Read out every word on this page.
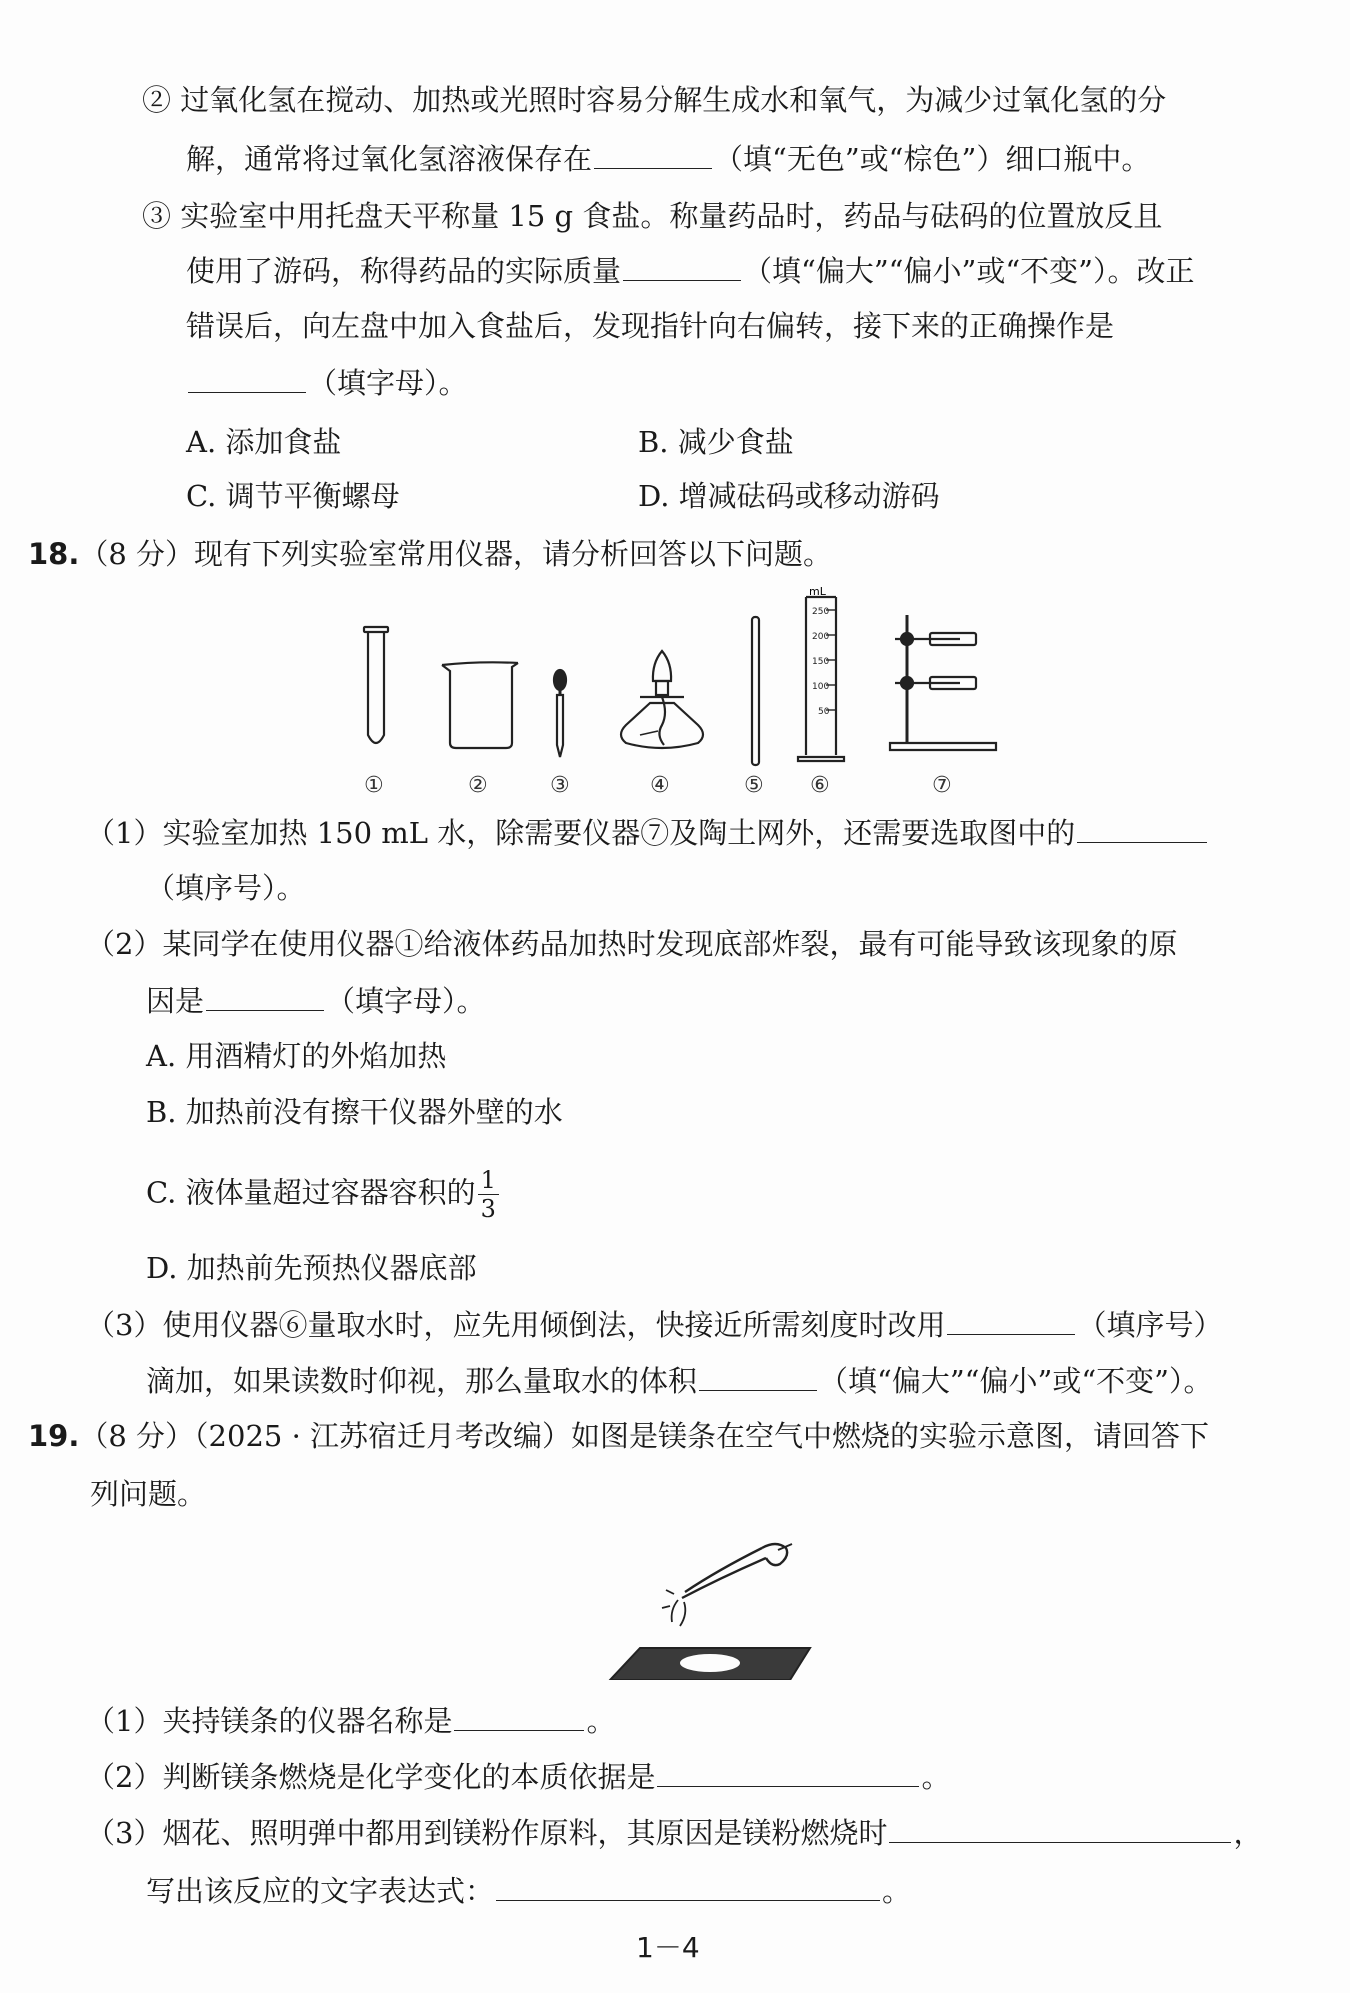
② 过氧化氢在搅动、加热或光照时容易分解生成水和氧气，为减少过氧化氢的分
解，通常将过氧化氢溶液保存在	（填“无色”或“棕色”）细口瓶中。
③ 实验室中用托盘天平称量 15 g 食盐。称量药品时，药品与砝码的位置放反且
使用了游码，称得药品的实际质量	（填“偏大”“偏小”或“不变”）。改正
错误后，向左盘中加入食盐后，发现指针向右偏转，接下来的正确操作是
（填字母）。
A. 添加食盐	B. 减少食盐
C. 调节平衡螺母	D. 增减砝码或移动游码
18.（8 分）现有下列实验室常用仪器，请分析回答以下问题。
mL
250
200
150
100
50
①	②	③	④	⑤ ⑥	⑦
（1）实验室加热 150 mL 水，除需要仪器⑦及陶土网外，还需要选取图中的
（填序号）。
（2）某同学在使用仪器①给液体药品加热时发现底部炸裂，最有可能导致该现象的原
因是	（填字母）。
A. 用酒精灯的外焰加热
B. 加热前没有擦干仪器外壁的水
C. 液体量超过容器容积的 $\frac{1}{3}$
D. 加热前先预热仪器底部
（3）使用仪器⑥量取水时，应先用倾倒法，快接近所需刻度时改用	（填序号）
滴加，如果读数时仰视，那么量取水的体积	（填“偏大”“偏小”或“不变”）。
19.（8 分）（2025 · 江苏宿迁月考改编）如图是镁条在空气中燃烧的实验示意图，请回答下
列问题。
（1）夹持镁条的仪器名称是	。
（2）判断镁条燃烧是化学变化的本质依据是	。
（3）烟花、照明弹中都用到镁粉作原料，其原因是镁粉燃烧时	，
写出该反应的文字表达式：	。
1－4
